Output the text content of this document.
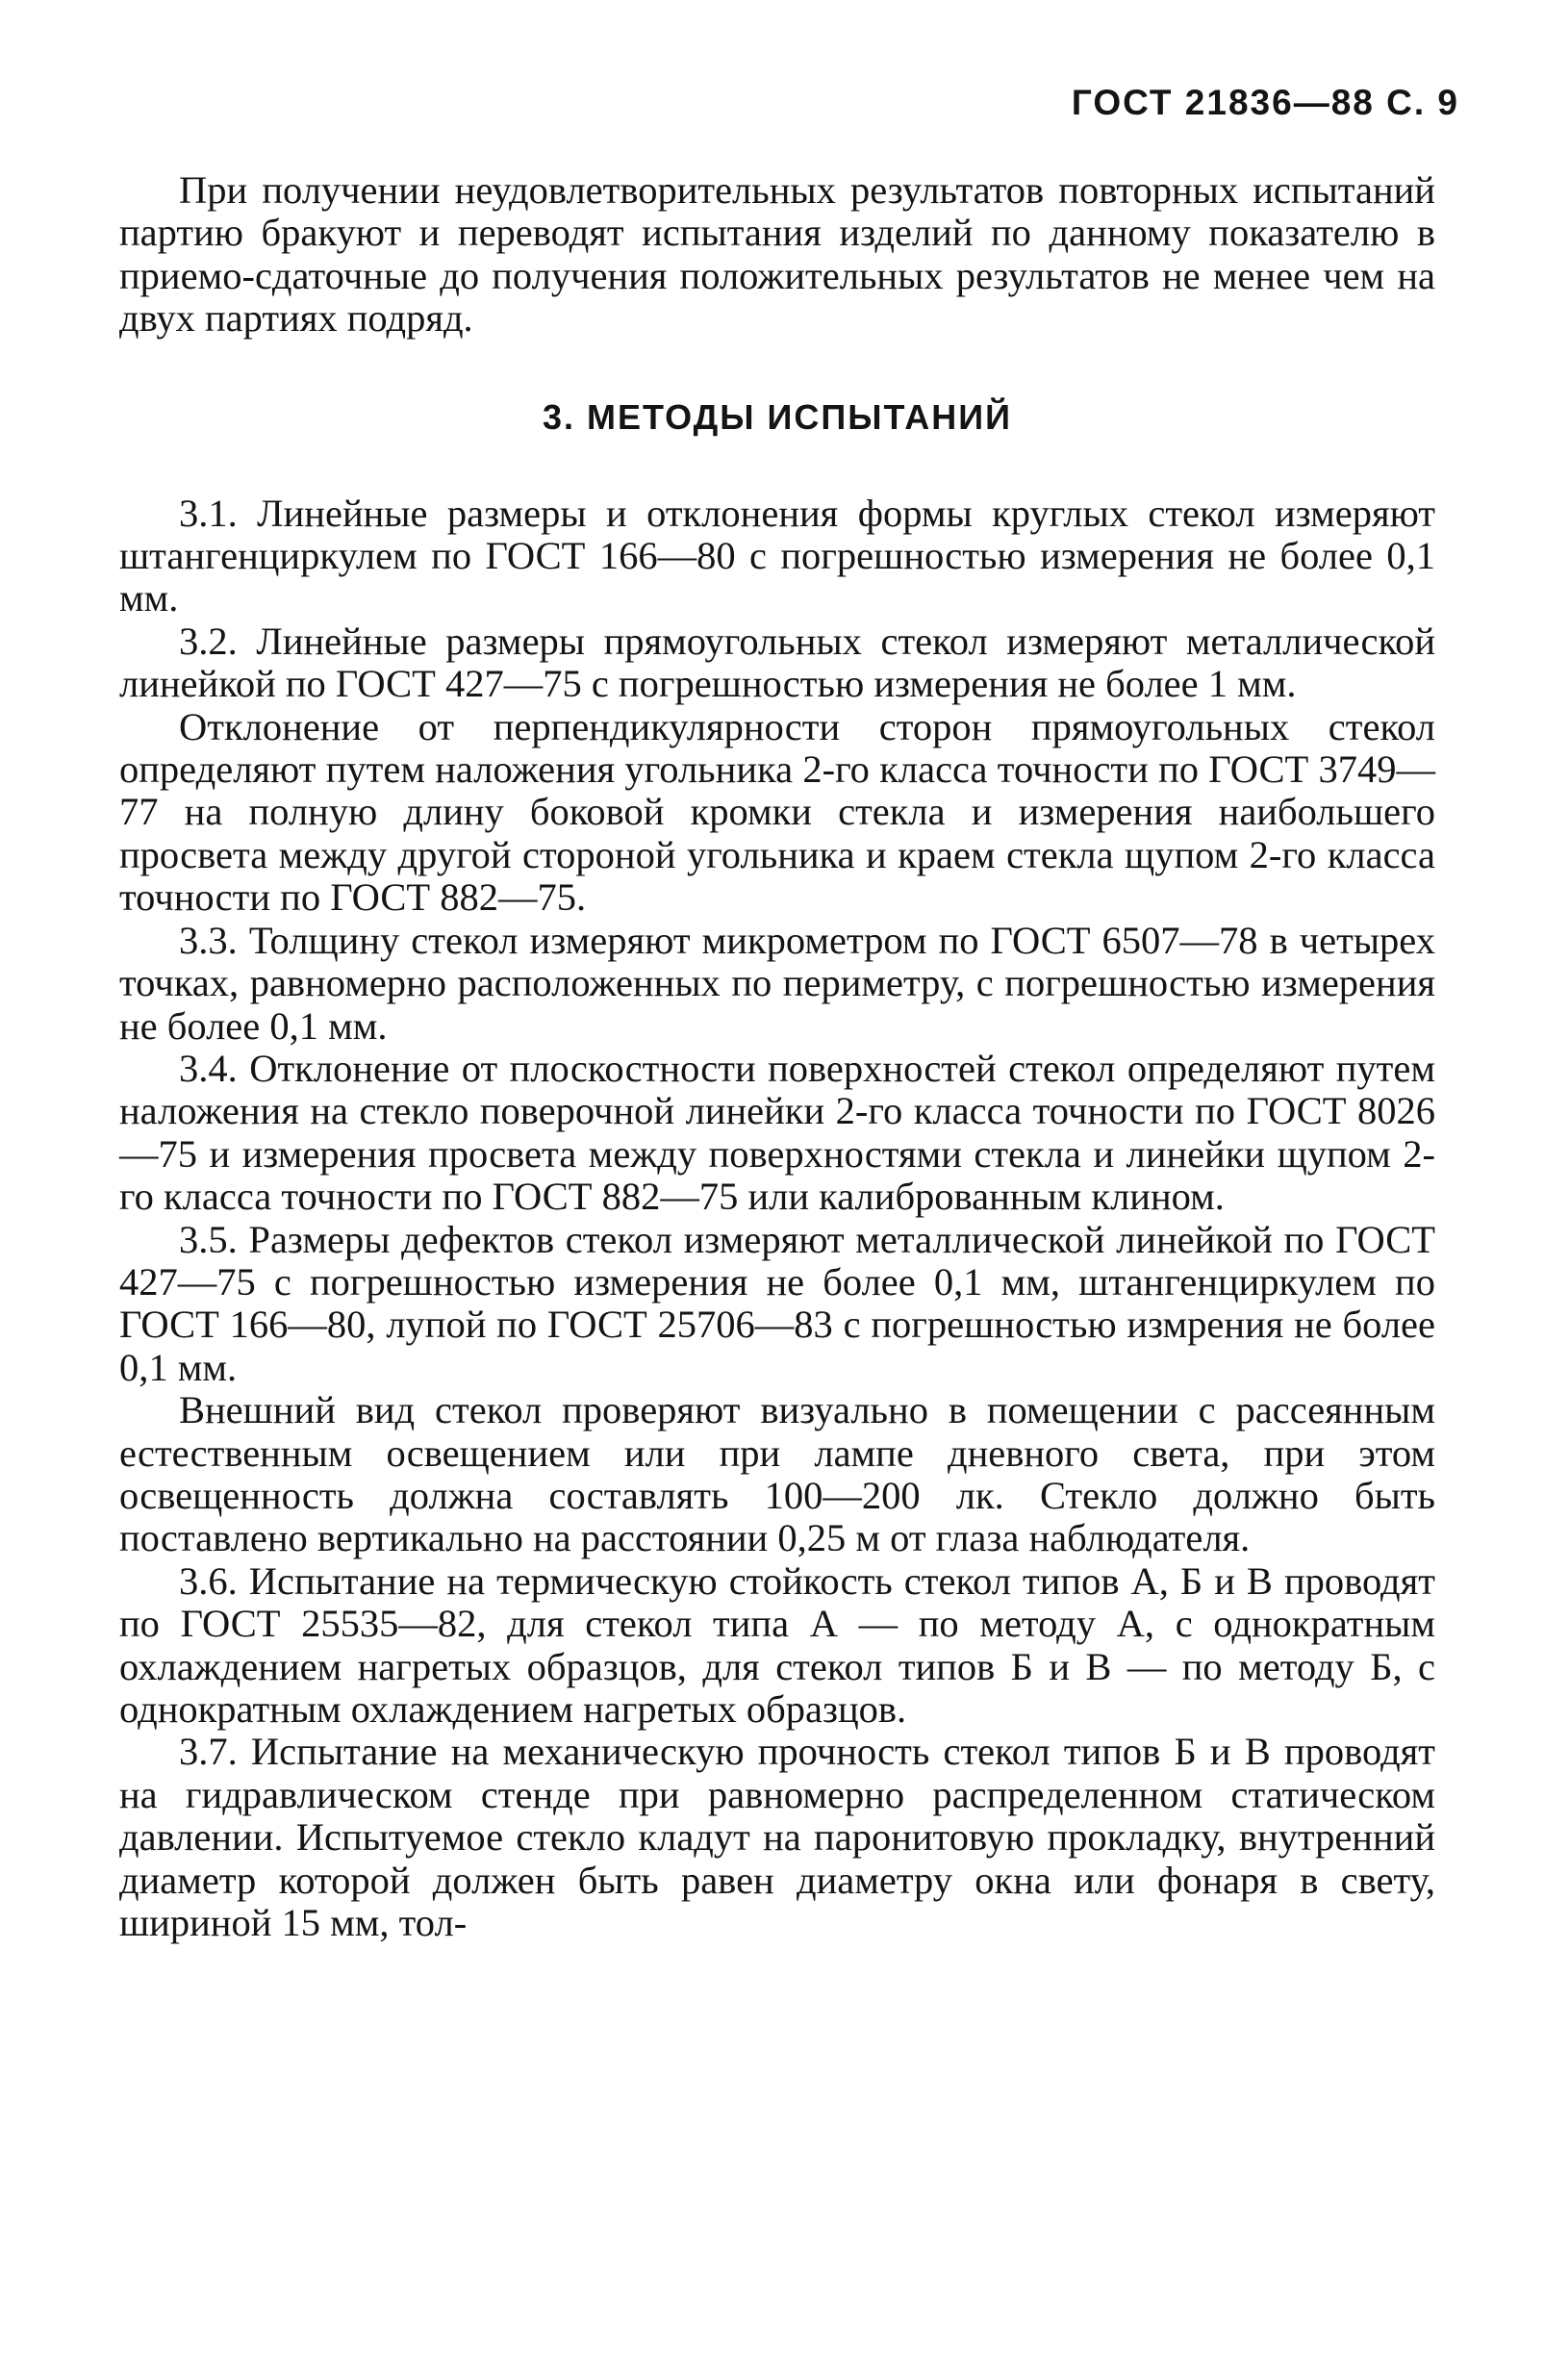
ГОСТ 21836—88 С. 9

При получении неудовлетворительных результатов повторных испытаний партию бракуют и переводят испытания изделий по данному показателю в приемо-сдаточные до получения положительных результатов не менее чем на двух партиях подряд.

3. МЕТОДЫ ИСПЫТАНИЙ

3.1. Линейные размеры и отклонения формы круглых стекол измеряют штангенциркулем по ГОСТ 166—80 с погрешностью измерения не более 0,1 мм.

3.2. Линейные размеры прямоугольных стекол измеряют металлической линейкой по ГОСТ 427—75 с погрешностью измерения не более 1 мм.

Отклонение от перпендикулярности сторон прямоугольных стекол определяют путем наложения угольника 2-го класса точности по ГОСТ 3749—77 на полную длину боковой кромки стекла и измерения наибольшего просвета между другой стороной угольника и краем стекла щупом 2-го класса точности по ГОСТ 882—75.

3.3. Толщину стекол измеряют микрометром по ГОСТ 6507—78 в четырех точках, равномерно расположенных по периметру, с погрешностью измерения не более 0,1 мм.

3.4. Отклонение от плоскостности поверхностей стекол определяют путем наложения на стекло поверочной линейки 2-го класса точности по ГОСТ 8026—75 и измерения просвета между поверхностями стекла и линейки щупом 2-го класса точности по ГОСТ 882—75 или калиброванным клином.

3.5. Размеры дефектов стекол измеряют металлической линейкой по ГОСТ 427—75 с погрешностью измерения не более 0,1 мм, штангенциркулем по ГОСТ 166—80, лупой по ГОСТ 25706—83 с погрешностью измрения не более 0,1 мм.

Внешний вид стекол проверяют визуально в помещении с рассеянным естественным освещением или при лампе дневного света, при этом освещенность должна составлять 100—200 лк. Стекло должно быть поставлено вертикально на расстоянии 0,25 м от глаза наблюдателя.

3.6. Испытание на термическую стойкость стекол типов А, Б и В проводят по ГОСТ 25535—82, для стекол типа А — по методу А, с однократным охлаждением нагретых образцов, для стекол типов Б и В — по методу Б, с однократным охлаждением нагретых образцов.

3.7. Испытание на механическую прочность стекол типов Б и В проводят на гидравлическом стенде при равномерно распределенном статическом давлении. Испытуемое стекло кладут на паронитовую прокладку, внутренний диаметр которой должен быть равен диаметру окна или фонаря в свету, шириной 15 мм, тол-
